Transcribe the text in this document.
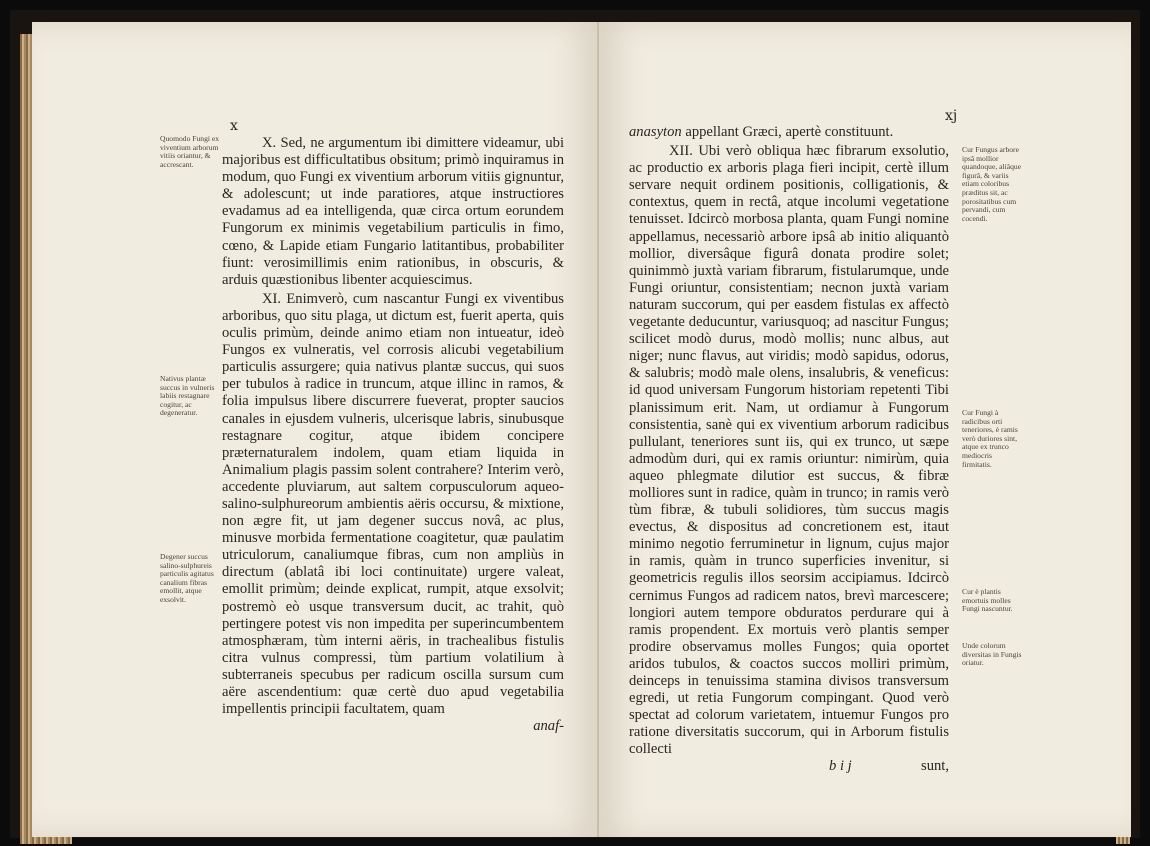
x
Quomodo Fungi ex viventium arborum vitiis oriantur, & accrescant.
Nativus plantæ succus in vulneris labiis restagnare cogitur, ac degeneratur.
Degener succus salino-sulphureis particulis agitatus canalium fibras emollit, atque exsolvit.

X. Sed, ne argumentum ibi dimittere videamur, ubi majoribus est difficultatibus obsitum; primò inquiramus in modum, quo Fungi ex viventium arborum vitiis gignuntur, & adolescunt; ut inde paratiores, atque instructiores evadamus ad ea intelligenda, quæ circa ortum eorundem Fungorum ex minimis vegetabilium particulis in fimo, cœno, & Lapide etiam Fungario latitantibus, probabiliter fiunt: verosimillimis enim rationibus, in obscuris, & arduis quæstionibus libenter acquiescimus.

XI. Enimverò, cum nascantur Fungi ex viventibus arboribus, quo situ plaga, ut dictum est, fuerit aperta, quis oculis primùm, deinde animo etiam non intueatur, ideò Fungos ex vulneratis, vel corrosis alicubi vegetabilium particulis assurgere; quia nativus plantæ succus, qui suos per tubulos à radice in truncum, atque illinc in ramos, & folia impulsus libere discurrere fueverat, propter saucios canales in ejusdem vulneris, ulcerisque labris, sinubusque restagnare cogitur, atque ibidem concipere præternaturalem indolem, quam etiam liquida in Animalium plagis passim solent contrahere? Interim verò, accedente pluviarum, aut saltem corpusculorum aqueo-salino-sulphureorum ambientis aëris occursu, & mixtione, non ægre fit, ut jam degener succus novâ, ac plus, minusve morbida fermentatione coagitetur, quæ paulatim utriculorum, canaliumque fibras, cum non ampliùs in directum (ablatâ ibi loci continuitate) urgere valeat, emollit primùm; deinde explicat, rumpit, atque exsolvit; postremò eò usque transversum ducit, ac trahit, quò pertingere potest vis non impedita per superincumbentem atmosphæram, tùm interni aëris, in trachealibus fistulis citra vulnus compressi, tùm partium volatilium à subterraneis specubus per radicum oscilla sursum cum aëre ascendentium: quæ certè duo apud vegetabilia impellentis principii facultatem, quam

anaf-
xj

anasyton appellant Græci, apertè constituunt.

XII. Ubi verò obliqua hæc fibrarum exsolutio, ac productio ex arboris plaga fieri incipit, certè illum servare nequit ordinem positionis, colligationis, & contextus, quem in rectâ, atque incolumi vegetatione tenuisset. Idcircò morbosa planta, quam Fungi nomine appellamus, necessariò arbore ipsâ ab initio aliquantò mollior, diversâque figurâ donata prodire solet; quinimmò juxtà variam fibrarum, fistularumque, unde Fungi oriuntur, consistentiam; necnon juxtà variam naturam succorum, qui per easdem fistulas ex affectò vegetante deducuntur, variusquoq; ad nascitur Fungus; scilicet modò durus, modò mollis; nunc albus, aut niger; nunc flavus, aut viridis; modò sapidus, odorus, & salubris; modò male olens, insalubris, & veneficus: id quod universam Fungorum historiam repetenti Tibi planissimum erit. Nam, ut ordiamur à Fungorum consistentia, sanè qui ex viventium arborum radicibus pullulant, teneriores sunt iis, qui ex trunco, ut sæpe admodùm duri, qui ex ramis oriuntur: nimirùm, quia aqueo phlegmate dilutior est succus, & fibræ molliores sunt in radice, quàm in trunco; in ramis verò tùm fibræ, & tubuli solidiores, tùm succus magis evectus, & dispositus ad concretionem est, itaut minimo negotio ferruminetur in lignum, cujus major in ramis, quàm in trunco superficies invenitur, si geometricis regulis illos seorsim accipiamus. Idcircò cernimus Fungos ad radicem natos, brevì marcescere; longiori autem tempore obduratos perdurare qui à ramis propendent. Ex mortuis verò plantis semper prodire observamus molles Fungos; quia oportet aridos tubulos, & coactos succos molliri primùm, deinceps in tenuissima stamina divisos transversum egredi, ut retia Fungorum compingant. Quod verò spectat ad colorum varietatem, intuemur Fungos pro ratione diversitatis succorum, qui in Arborum fistulis collecti

b i j	sunt,
Cur Fungus arbore ipsâ mollior quandoque, aliâque figurâ, & variis etiam coloribus præditus sit, ac porositatibus cum pervandi, cum cocendi.
Cur Fungi à radicibus orti teneriores, è ramis verò duriores sint, atque ex trunco mediocris firmitatis.
Cur è plantis emortuis molles Fungi nascuntur.
Unde colorum diversitas in Fungis oriatur.
